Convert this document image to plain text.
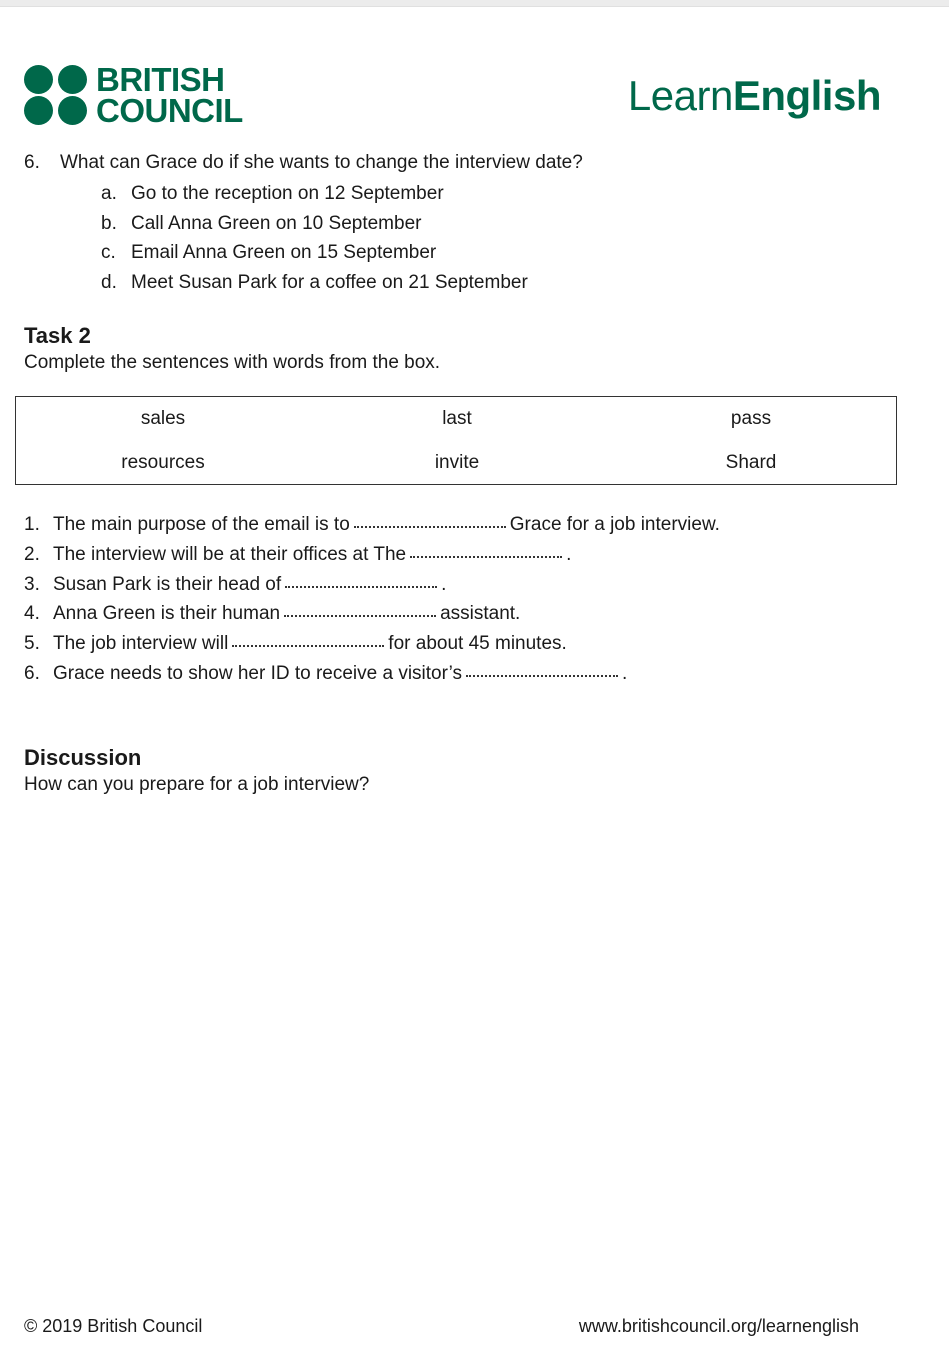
BRITISH
COUNCIL	LearnEnglish
6.	What can Grace do if she wants to change the interview date?
a. Go to the reception on 12 September
b. Call Anna Green on 10 September
c. Email Anna Green on 15 September
d. Meet Susan Park for a coffee on 21 September
Task 2
Complete the sentences with words from the box.
sales	last	pass
resources	invite	Shard
1. The main purpose of the email is to	Grace for a job interview.
2. The interview will be at their offices at The	.
3. Susan Park is their head of	.
4. Anna Green is their human	assistant.
5. The job interview will	for about 45 minutes.
6. Grace needs to show her ID to receive a visitor’s	.
Discussion
How can you prepare for a job interview?
© 2019 British Council	www.britishcouncil.org/learnenglish
